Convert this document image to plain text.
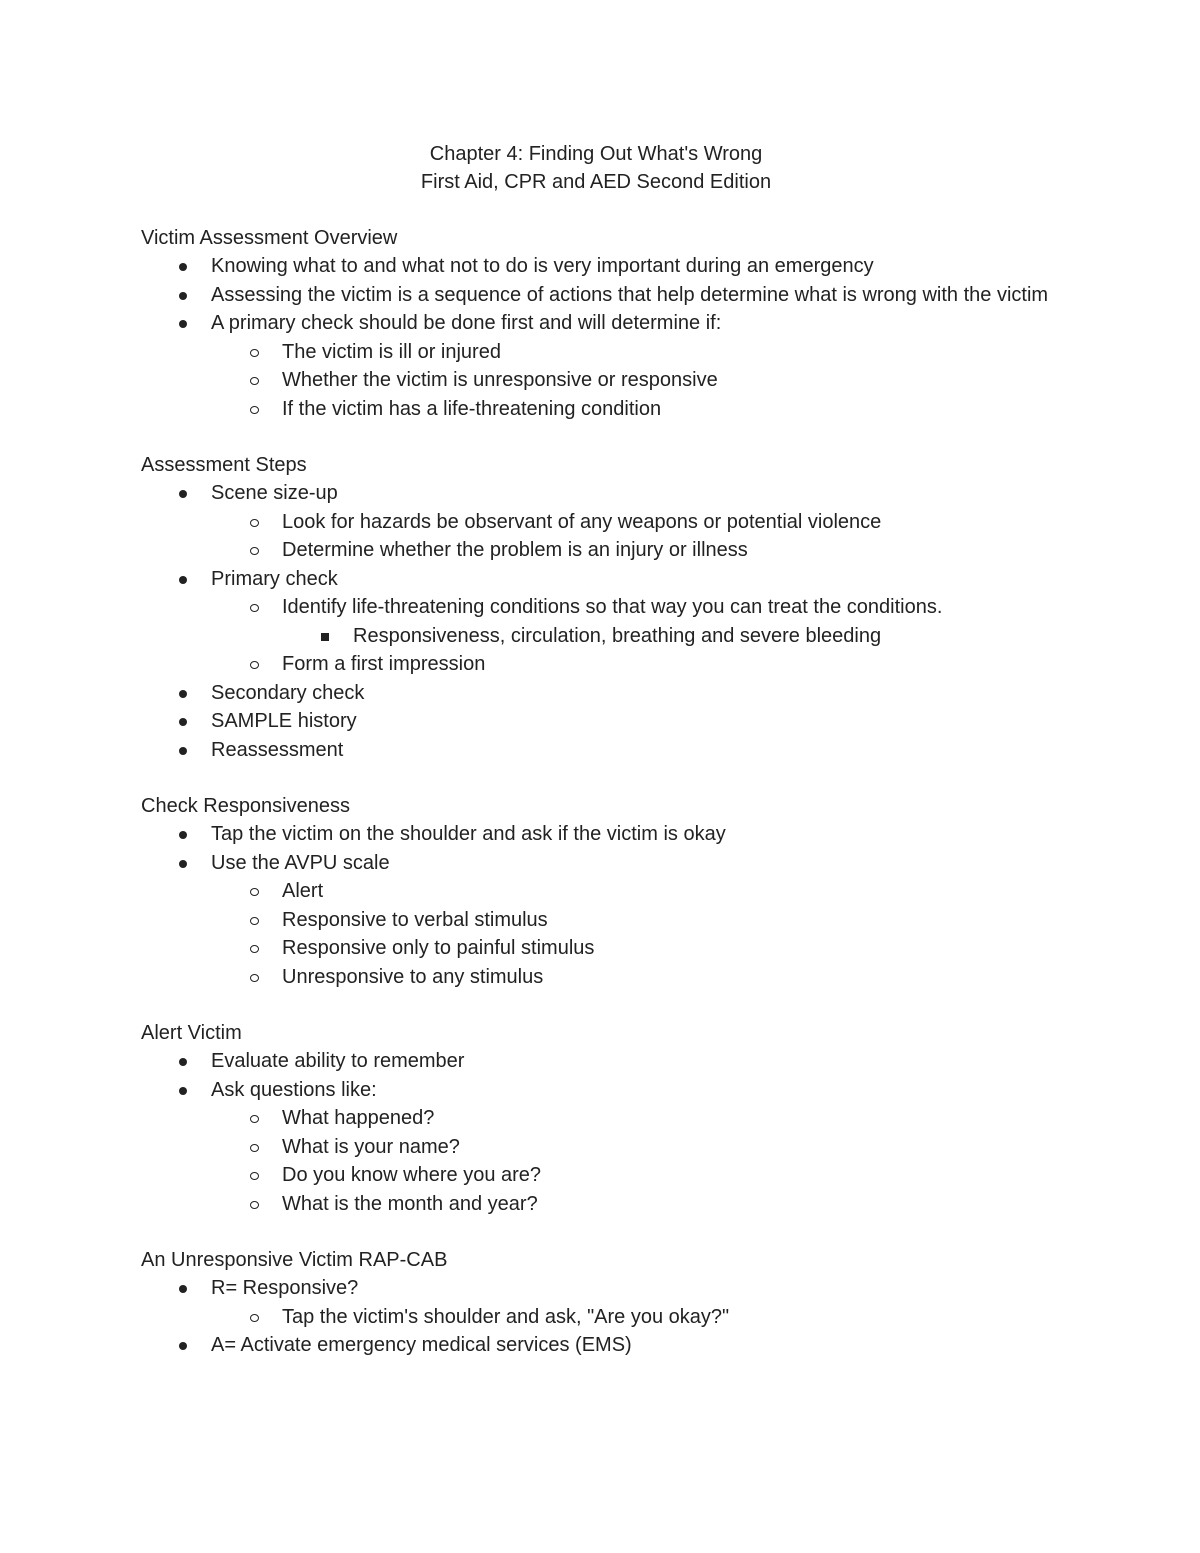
Chapter 4: Finding Out What's Wrong
First Aid, CPR and AED Second Edition
Victim Assessment Overview
Knowing what to and what not to do is very important during an emergency
Assessing the victim is a sequence of actions that help determine what is wrong with the victim
A primary check should be done first and will determine if:
The victim is ill or injured
Whether the victim is unresponsive or responsive
If the victim has a life-threatening condition
Assessment Steps
Scene size-up
Look for hazards be observant of any weapons or potential violence
Determine whether the problem is an injury or illness
Primary check
Identify life-threatening conditions so that way you can treat the conditions.
Responsiveness, circulation, breathing and severe bleeding
Form a first impression
Secondary check
SAMPLE history
Reassessment
Check Responsiveness
Tap the victim on the shoulder and ask if the victim is okay
Use the AVPU scale
Alert
Responsive to verbal stimulus
Responsive only to painful stimulus
Unresponsive to any stimulus
Alert Victim
Evaluate ability to remember
Ask questions like:
What happened?
What is your name?
Do you know where you are?
What is the month and year?
An Unresponsive Victim RAP-CAB
R= Responsive?
Tap the victim's shoulder and ask, "Are you okay?"
A= Activate emergency medical services (EMS)
